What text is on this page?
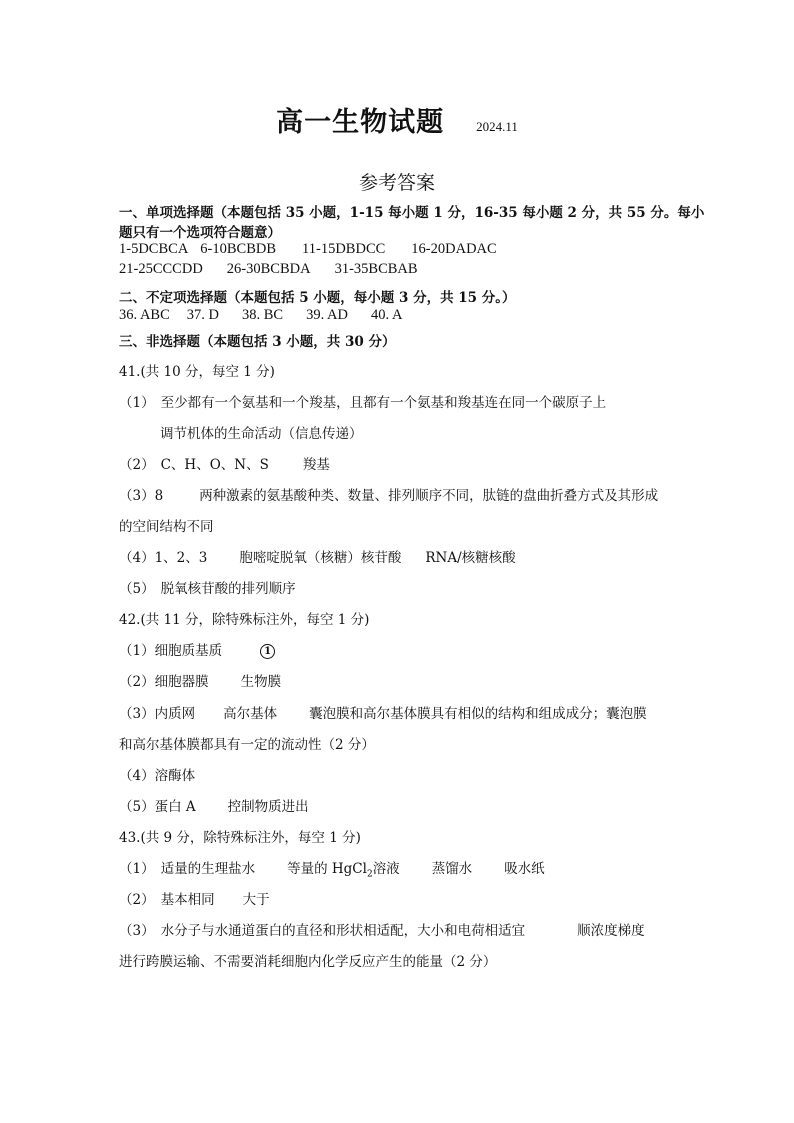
高一生物试题 2024.11
参考答案
一、单项选择题（本题包括 35 小题，1-15 每小题 1 分，16-35 每小题 2 分，共 55 分。每小
题只有一个选项符合题意）
1-5DCBCA 6-10BCBDB 11-15DBDCC 16-20DADAC
21-25CCCDD 26-30BCBDA 31-35BCBAB
二、不定项选择题（本题包括 5 小题，每小题 3 分，共 15 分。）
36. ABC 37. D 38. BC 39. AD 40. A
三、非选择题（本题包括 3 小题，共 30 分）
41.(共 10 分，每空 1 分)
（1） 至少都有一个氨基和一个羧基，且都有一个氨基和羧基连在同一个碳原子上
调节机体的生命活动（信息传递）
（2） C、H、O、N、S	羧基
（3）8	两种激素的氨基酸种类、数量、排列顺序不同，肽链的盘曲折叠方式及其形成
的空间结构不同
（4）1、2、3 胞嘧啶脱氧（核糖）核苷酸 RNA/核糖核酸
（5） 脱氧核苷酸的排列顺序
42.(共 11 分，除特殊标注外，每空 1 分)
（1）细胞质基质	1
（2）细胞器膜 生物膜
（3）内质网 高尔基体 囊泡膜和高尔基体膜具有相似的结构和组成成分；囊泡膜
和高尔基体膜都具有一定的流动性（2 分）
（4）溶酶体
（5）蛋白 A 控制物质进出
43.(共 9 分，除特殊标注外，每空 1 分)
（1） 适量的生理盐水 等量的 HgCl$_2$溶液 蒸馏水 吸水纸
（2） 基本相同 大于
（3） 水分子与水通道蛋白的直径和形状相适配，大小和电荷相适宜	顺浓度梯度
进行跨膜运输、不需要消耗细胞内化学反应产生的能量（2 分）
